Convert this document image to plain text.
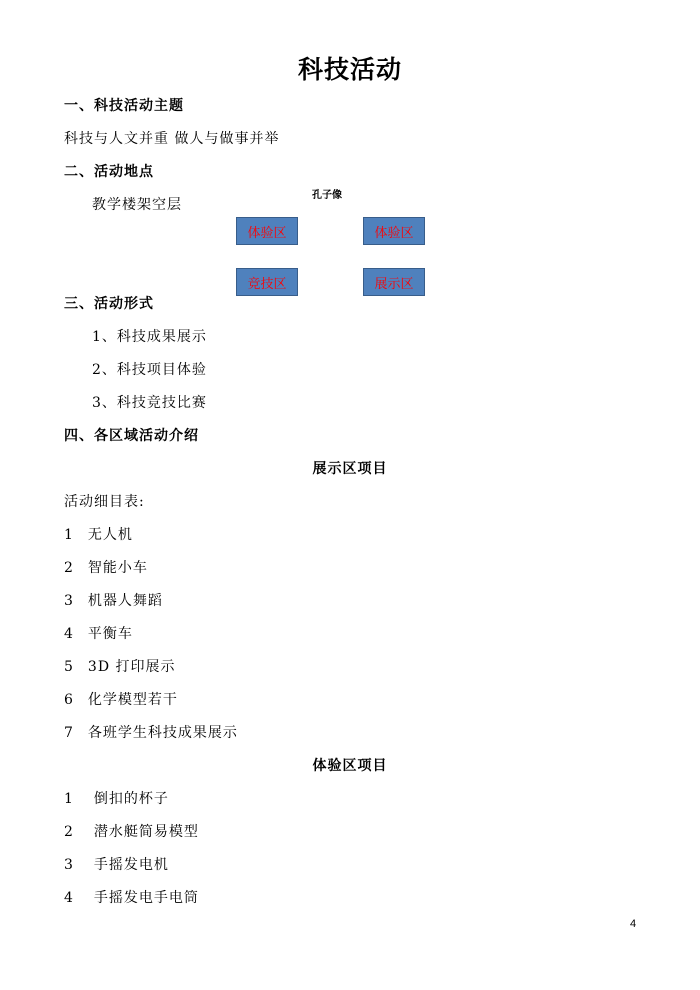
科技活动
一、科技活动主题
科技与人文并重 做人与做事并举
二、活动地点
教学楼架空层
孔子像
体验区	体验区
竞技区	展示区
三、活动形式
1、科技成果展示
2、科技项目体验
3、科技竞技比赛
四、各区域活动介绍
展示区项目
活动细目表:
1 无人机
2 智能小车
3 机器人舞蹈
4 平衡车
5 3D 打印展示
6 化学模型若干
7 各班学生科技成果展示
体验区项目
1 倒扣的杯子
2 潜水艇简易模型
3 手摇发电机
4 手摇发电手电筒
4
